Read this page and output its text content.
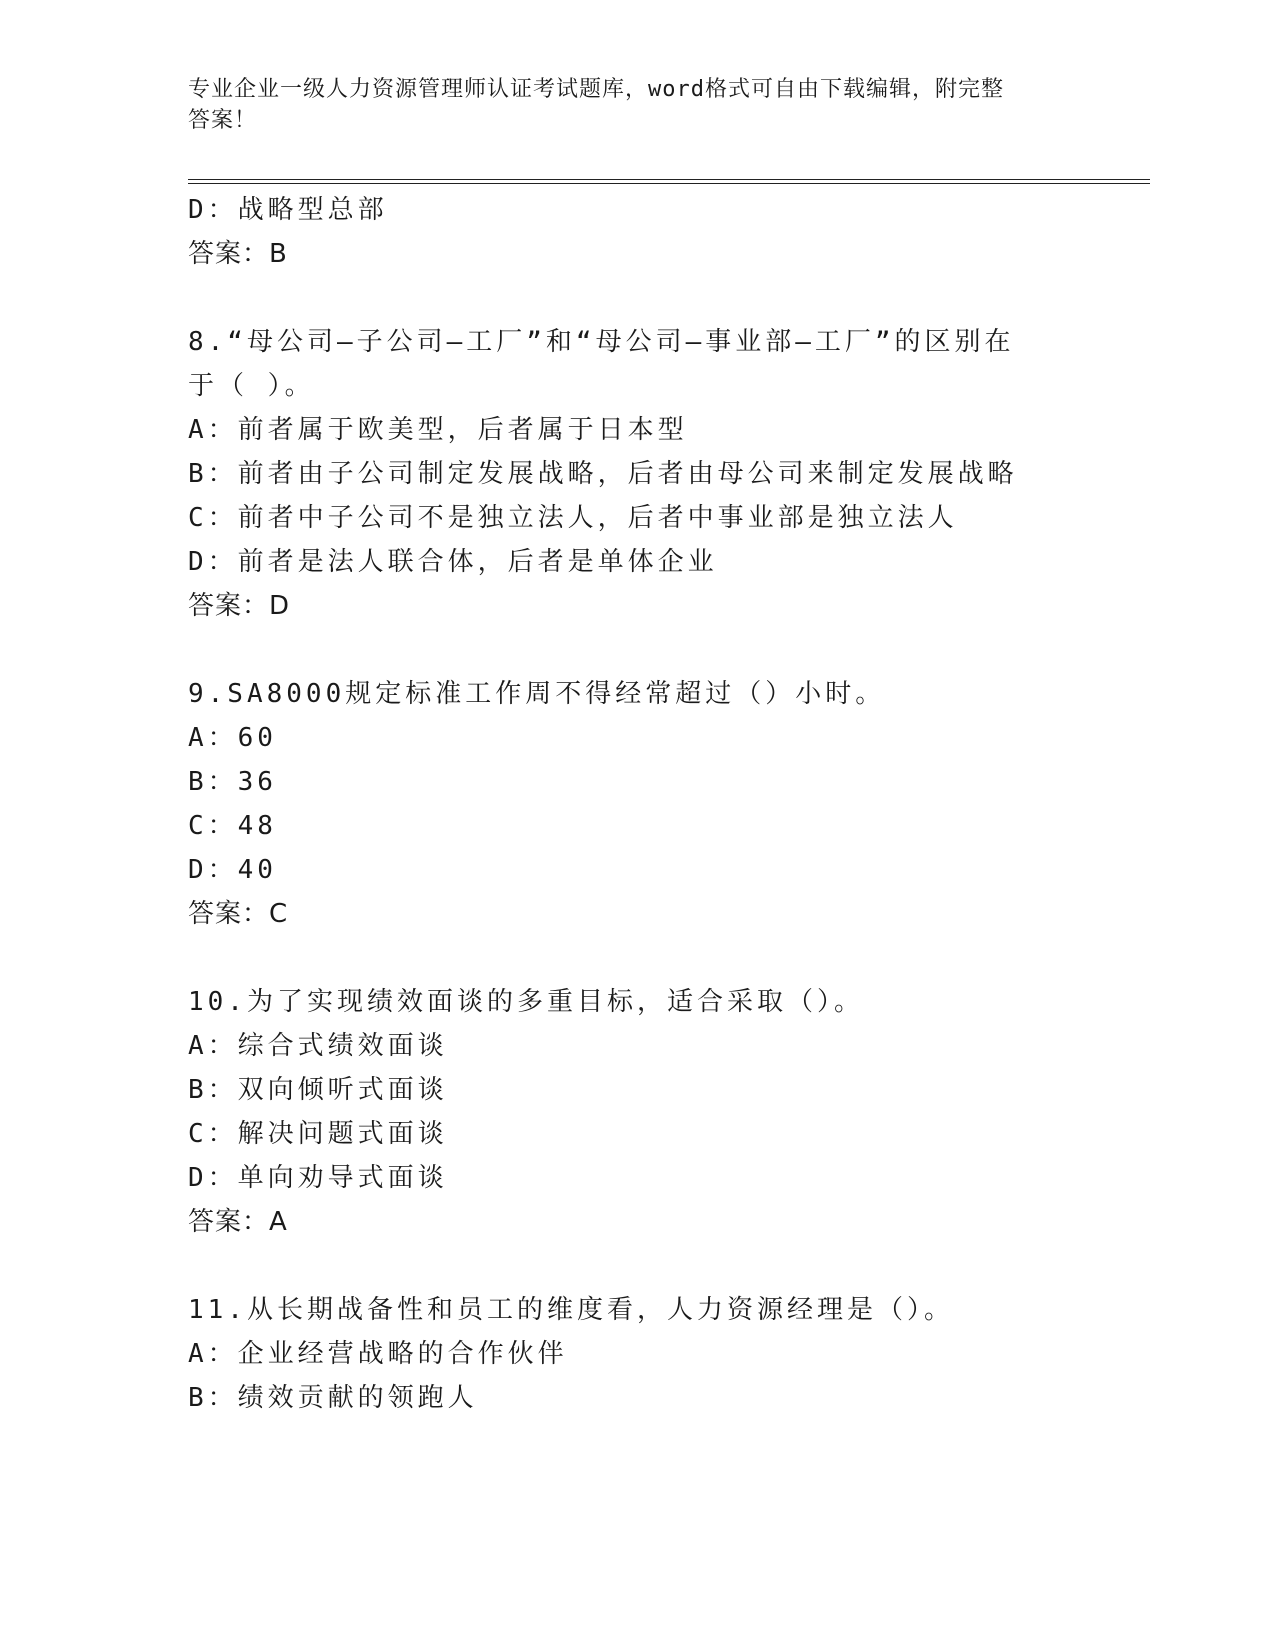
专业企业一级人力资源管理师认证考试题库，word格式可自由下载编辑，附完整
答案！
D：战略型总部
答案：B
8.“母公司—子公司—工厂”和“母公司—事业部—工厂”的区别在
于（ ）。
A：前者属于欧美型，后者属于日本型
B：前者由子公司制定发展战略，后者由母公司来制定发展战略
C：前者中子公司不是独立法人，后者中事业部是独立法人
D：前者是法人联合体，后者是单体企业
答案：D
9.SA8000规定标准工作周不得经常超过（）小时。
A：60
B：36
C：48
D：40
答案：C
10.为了实现绩效面谈的多重目标，适合采取（）。
A：综合式绩效面谈
B：双向倾听式面谈
C：解决问题式面谈
D：单向劝导式面谈
答案：A
11.从长期战备性和员工的维度看，人力资源经理是（）。
A：企业经营战略的合作伙伴
B：绩效贡献的领跑人
